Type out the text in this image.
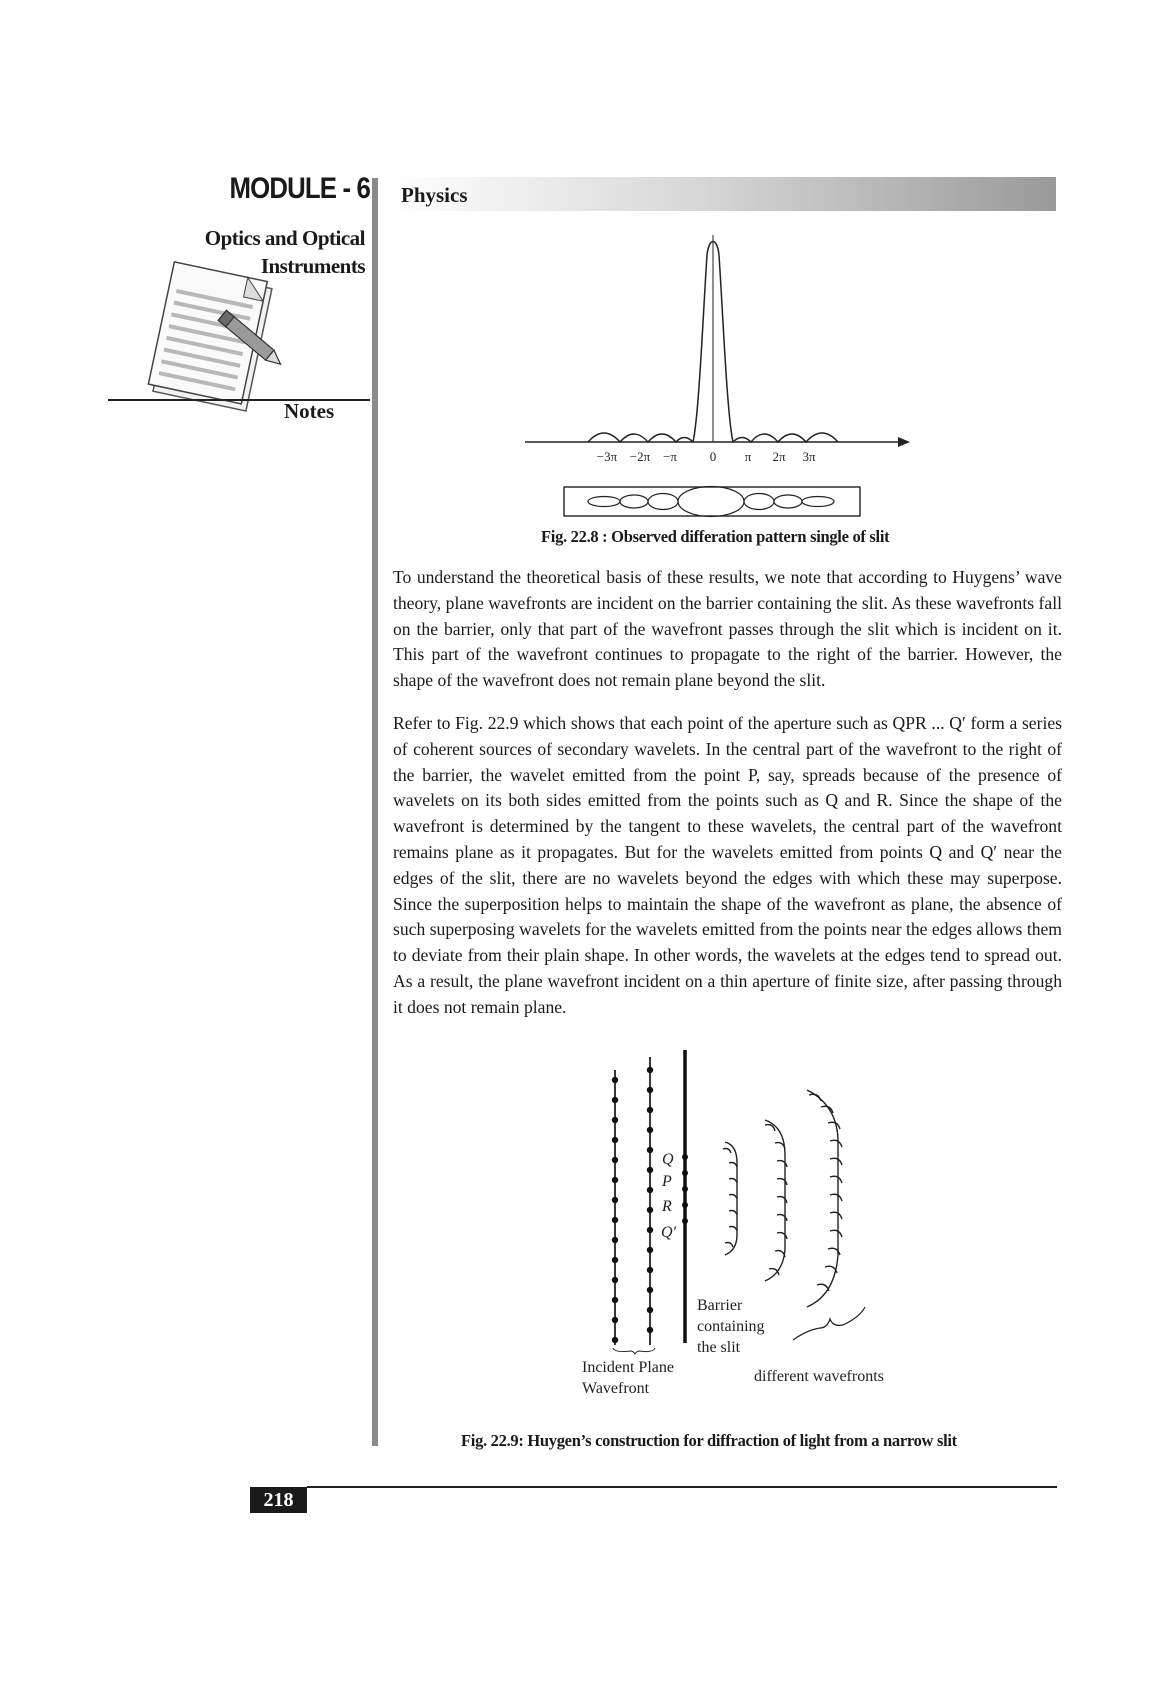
MODULE - 6
Optics and Optical
Instruments
Notes
Physics
−3π −2π −π	0 π 2π 3π
Fig. 22.8 : Observed differation pattern single of slit

To understand the theoretical basis of these results, we note that according to Huygens’ wave theory, plane wavefronts are incident on the barrier containing the slit. As these wavefronts fall on the barrier, only that part of the wavefront passes through the slit which is incident on it. This part of the wavefront continues to propagate to the right of the barrier. However, the shape of the wavefront does not remain plane beyond the slit.

Refer to Fig. 22.9 which shows that each point of the aperture such as QPR ... Q′ form a series of coherent sources of secondary wavelets. In the central part of the wavefront to the right of the barrier, the wavelet emitted from the point P, say, spreads because of the presence of wavelets on its both sides emitted from the points such as Q and R. Since the shape of the wavefront is determined by the tangent to these wavelets, the central part of the wavefront remains plane as it propagates. But for the wavelets emitted from points Q and Q′ near the edges of the slit, there are no wavelets beyond the edges with which these may superpose. Since the superposition helps to maintain the shape of the wavefront as plane, the absence of such superposing wavelets for the wavelets emitted from the points near the edges allows them to deviate from their plain shape. In other words, the wavelets at the edges tend to spread out. As a result, the plane wavefront incident on a thin aperture of finite size, after passing through it does not remain plane.

Q
P
R
Q′
Barrier
containing
the slit
Incident Plane
Wavefront
different wavefronts
Fig. 22.9: Huygen’s construction for diffraction of light from a narrow slit
218
